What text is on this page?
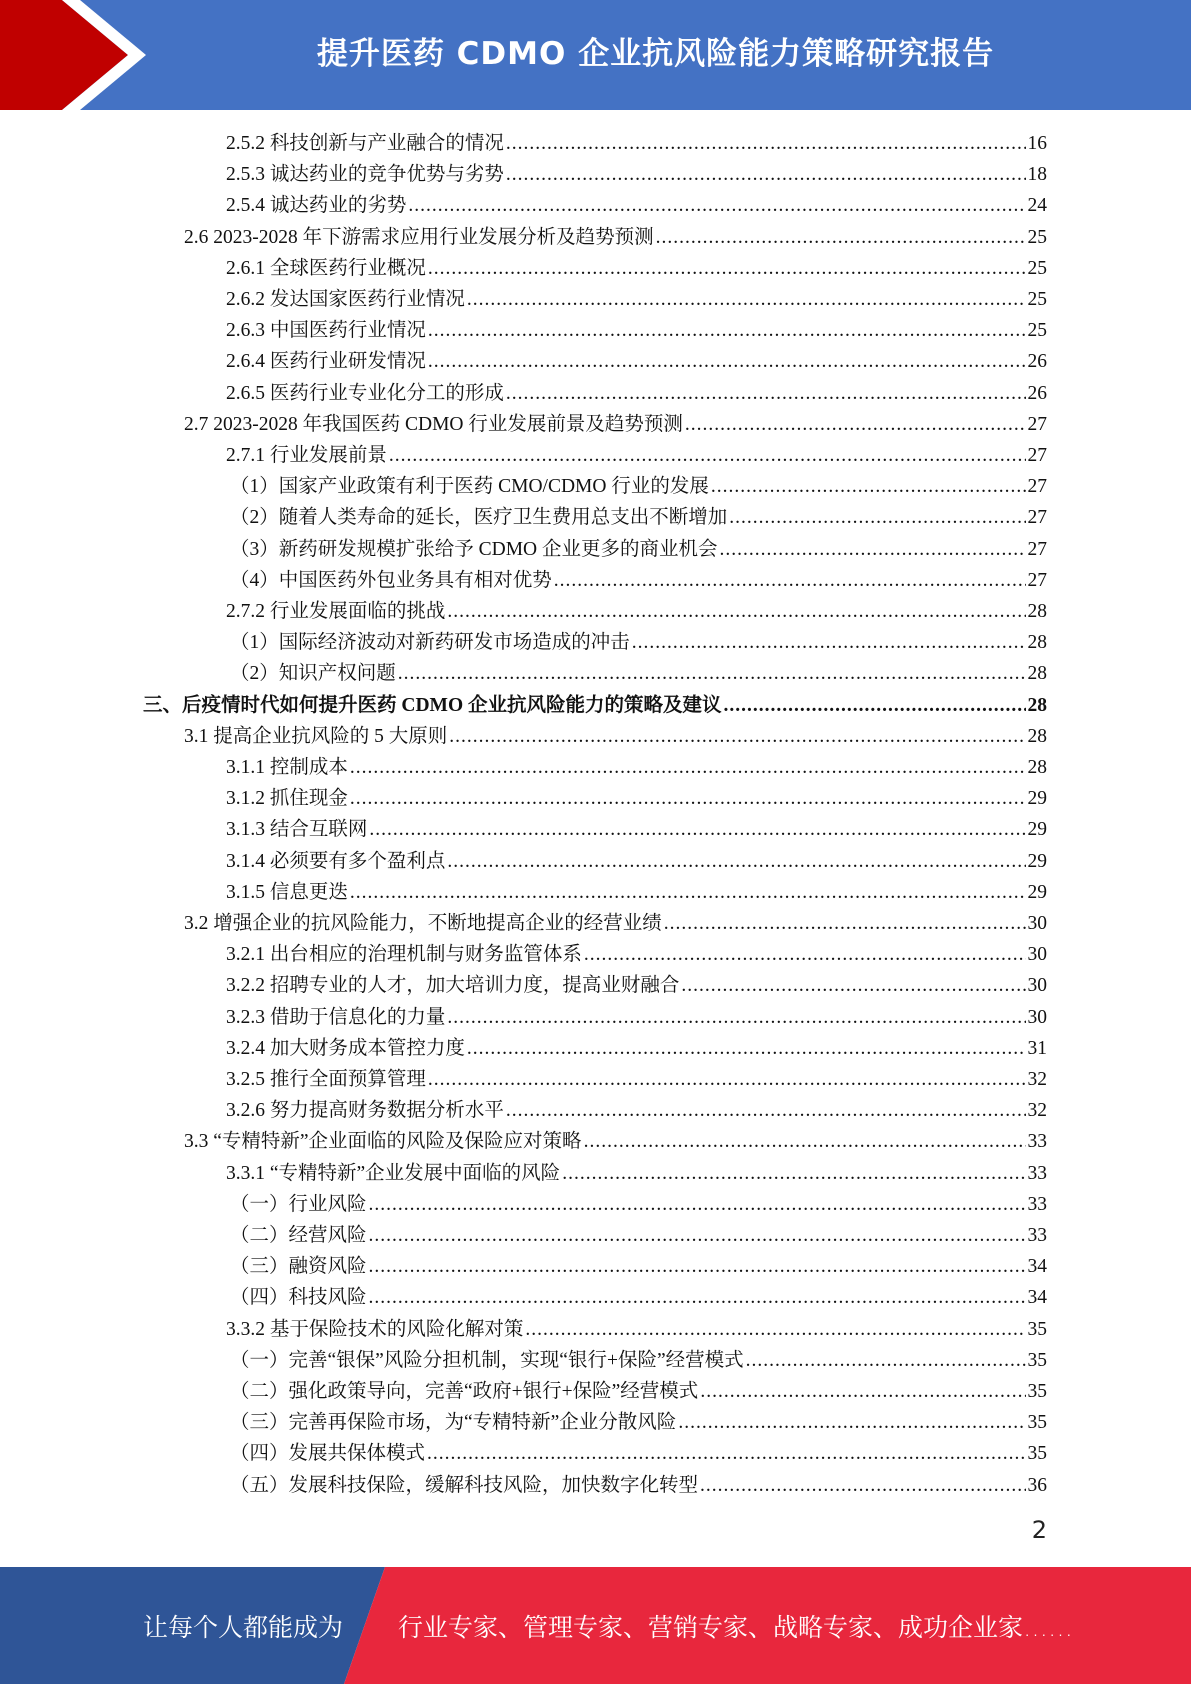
提升医药 CDMO 企业抗风险能力策略研究报告
2.5.2 科技创新与产业融合的情况 .....	16
2.5.3 诚达药业的竞争优势与劣势 .....	18
2.5.4 诚达药业的劣势 .....	24
2.6 2023-2028 年下游需求应用行业发展分析及趋势预测 .....	25
2.6.1 全球医药行业概况 .....	25
2.6.2 发达国家医药行业情况 .....	25
2.6.3 中国医药行业情况 .....	25
2.6.4 医药行业研发情况 .....	26
2.6.5 医药行业专业化分工的形成 .....	26
2.7 2023-2028 年我国医药 CDMO 行业发展前景及趋势预测 .....	27
2.7.1 行业发展前景 .....	27
（1）国家产业政策有利于医药 CMO/CDMO 行业的发展 .....	27
（2）随着人类寿命的延长，医疗卫生费用总支出不断增加 .....	27
（3）新药研发规模扩张给予 CDMO 企业更多的商业机会 .....	27
（4）中国医药外包业务具有相对优势 .....	27
2.7.2 行业发展面临的挑战 .....	28
（1）国际经济波动对新药研发市场造成的冲击 .....	28
（2）知识产权问题 .....	28
三、后疫情时代如何提升医药 CDMO 企业抗风险能力的策略及建议 .....	28
3.1 提高企业抗风险的 5 大原则 .....	28
3.1.1 控制成本 .....	28
3.1.2 抓住现金 .....	29
3.1.3 结合互联网 .....	29
3.1.4 必须要有多个盈利点 .....	29
3.1.5 信息更迭 .....	29
3.2 增强企业的抗风险能力，不断地提高企业的经营业绩 .....	30
3.2.1 出台相应的治理机制与财务监管体系 .....	30
3.2.2 招聘专业的人才，加大培训力度，提高业财融合 .....	30
3.2.3 借助于信息化的力量 .....	30
3.2.4 加大财务成本管控力度 .....	31
3.2.5 推行全面预算管理 .....	32
3.2.6 努力提高财务数据分析水平 .....	32
3.3 “专精特新”企业面临的风险及保险应对策略 .....	33
3.3.1 “专精特新”企业发展中面临的风险 .....	33
（一）行业风险 .....	33
（二）经营风险 .....	33
（三）融资风险 .....	34
（四）科技风险 .....	34
3.3.2 基于保险技术的风险化解对策 .....	35
（一）完善“银保”风险分担机制，实现“银行+保险”经营模式 .....	35
（二）强化政策导向，完善“政府+银行+保险”经营模式 .....	35
（三）完善再保险市场，为“专精特新”企业分散风险 .....	35
（四）发展共保体模式 .....	35
（五）发展科技保险，缓解科技风险，加快数字化转型 .....	36
2
让每个人都能成为 行业专家、管理专家、营销专家、战略专家、成功企业家……
